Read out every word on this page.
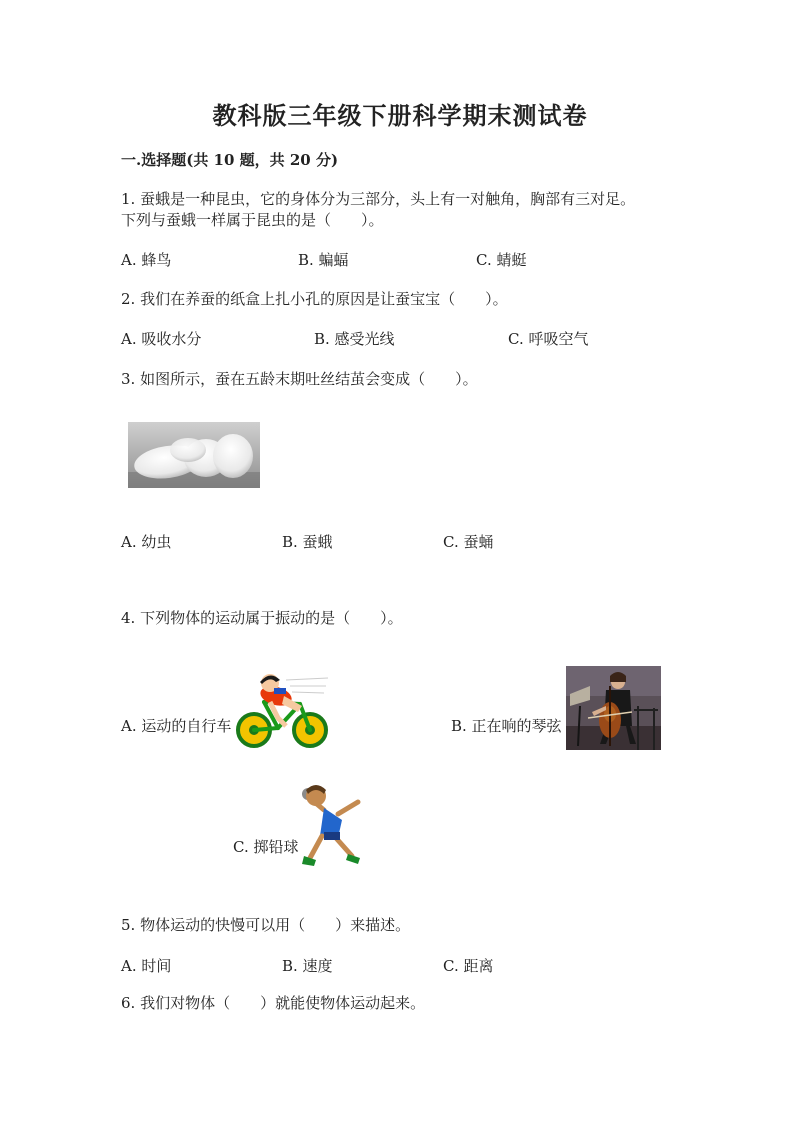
教科版三年级下册科学期末测试卷
一.选择题(共 10 题，共 20 分)
1. 蚕蛾是一种昆虫，它的身体分为三部分，头上有一对触角，胸部有三对足。
下列与蚕蛾一样属于昆虫的是（　　）。
A. 蜂鸟	B. 蝙蝠	C. 蜻蜓
2. 我们在养蚕的纸盒上扎小孔的原因是让蚕宝宝（　　）。
A. 吸收水分	B. 感受光线	C. 呼吸空气
3. 如图所示，蚕在五龄末期吐丝结茧会变成（　　）。
A. 幼虫	B. 蚕蛾	C. 蚕蛹
4. 下列物体的运动属于振动的是（　　）。
A. 运动的自行车	B. 正在响的琴弦
C. 掷铅球
5. 物体运动的快慢可以用（　　）来描述。
A. 时间	B. 速度	C. 距离
6. 我们对物体（　　）就能使物体运动起来。
